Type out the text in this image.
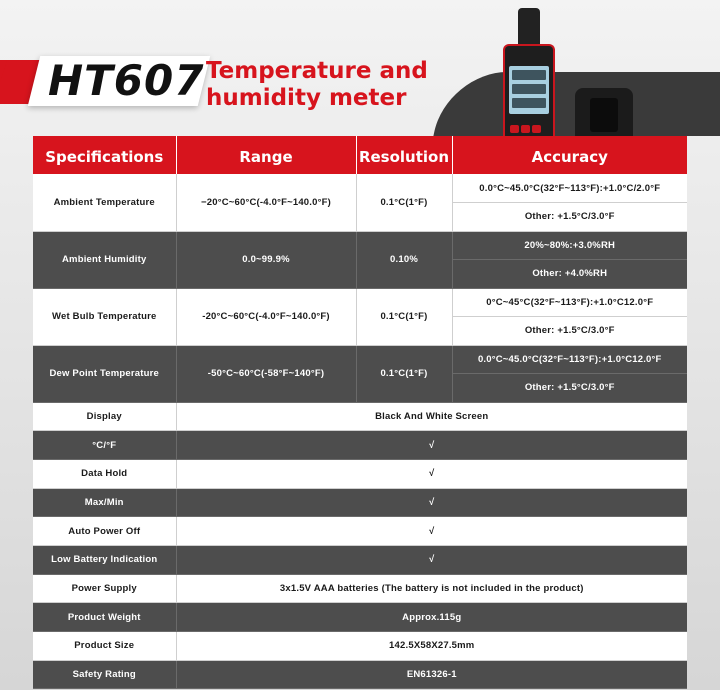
HT607 Temperature and
humidity meter
Specifications	Range	Resolution	Accuracy
Ambient Temperature	−20°C~60°C(-4.0°F~140.0°F)	0.1°C(1°F)	0.0°C~45.0°C(32°F~113°F):+1.0°C/2.0°F
			Other: +1.5°C/3.0°F
Ambient Humidity	0.0~99.9%	0.10%	20%~80%:+3.0%RH
			Other: +4.0%RH
Wet Bulb Temperature	-20°C~60°C(-4.0°F~140.0°F)	0.1°C(1°F)	0°C~45°C(32°F~113°F):+1.0°C12.0°F
			Other: +1.5°C/3.0°F
Dew Point Temperature	-50°C~60°C(-58°F~140°F)	0.1°C(1°F)	0.0°C~45.0°C(32°F~113°F):+1.0°C12.0°F
			Other: +1.5°C/3.0°F
Display	Black And White Screen		
°C/°F	√		
Data Hold	√		
Max/Min	√		
Auto Power Off	√		
Low Battery Indication	√		
Power Supply	3x1.5V AAA batteries (The battery is not included in the product)		
Product Weight	Approx.115g		
Product Size	142.5X58X27.5mm		
Safety Rating	EN61326-1		
